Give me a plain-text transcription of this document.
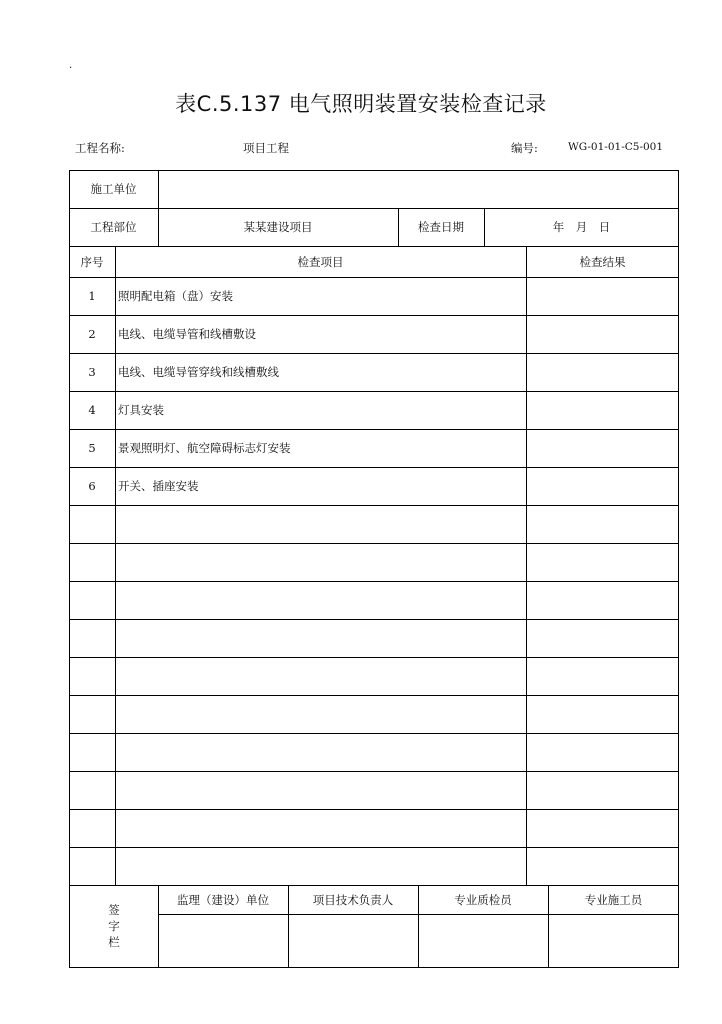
·
表C.5.137 电气照明装置安装检查记录
工程名称:	项目工程	编号:	WG-01-01-C5-001
施工单位
工程部位	某某建设项目	检查日期	年　月　日
序号	检查项目	检查结果
1	照明配电箱（盘）安装
2	电线、电缆导管和线槽敷设
3	电线、电缆导管穿线和线槽敷线
4	灯具安装
5	景观照明灯、航空障碍标志灯安装
6	开关、插座安装
签
字
栏
监理（建设）单位	项目技术负责人	专业质检员	专业施工员
